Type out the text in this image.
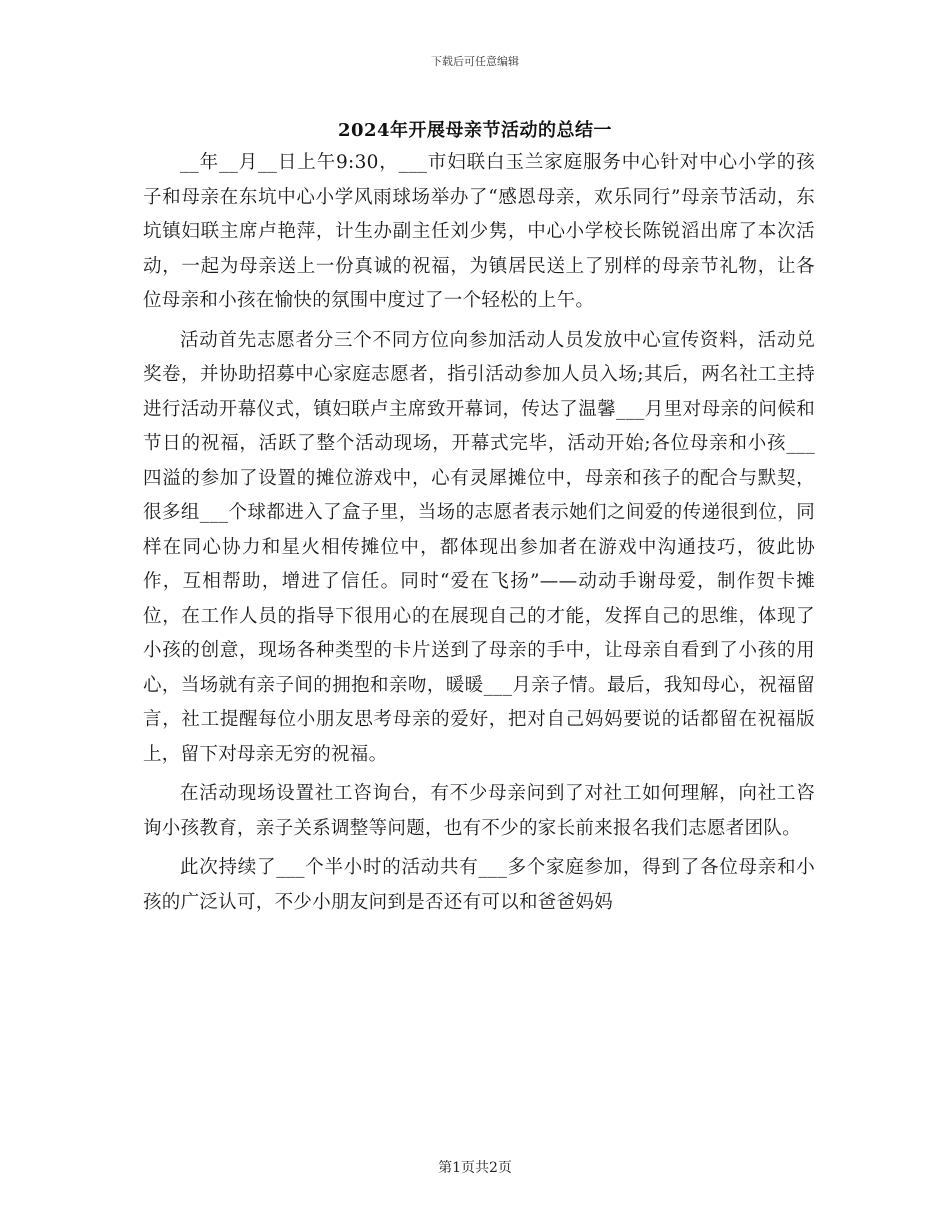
下载后可任意编辑
2024年开展母亲节活动的总结一

__年__月__日上午9:30，___市妇联白玉兰家庭服务中心针对中心小学的孩子和母亲在东坑中心小学风雨球场举办了“感恩母亲，欢乐同行”母亲节活动，东坑镇妇联主席卢艳萍，计生办副主任刘少隽，中心小学校长陈锐滔出席了本次活动，一起为母亲送上一份真诚的祝福，为镇居民送上了别样的母亲节礼物，让各位母亲和小孩在愉快的氛围中度过了一个轻松的上午。

活动首先志愿者分三个不同方位向参加活动人员发放中心宣传资料，活动兑奖卷，并协助招募中心家庭志愿者，指引活动参加人员入场;其后，两名社工主持进行活动开幕仪式，镇妇联卢主席致开幕词，传达了温馨___月里对母亲的问候和节日的祝福，活跃了整个活动现场，开幕式完毕，活动开始;各位母亲和小孩___四溢的参加了设置的摊位游戏中，心有灵犀摊位中，母亲和孩子的配合与默契，很多组___个球都进入了盒子里，当场的志愿者表示她们之间爱的传递很到位，同样在同心协力和星火相传摊位中，都体现出参加者在游戏中沟通技巧，彼此协作，互相帮助，增进了信任。同时“爱在飞扬”——动动手谢母爱，制作贺卡摊位，在工作人员的指导下很用心的在展现自己的才能，发挥自己的思维，体现了小孩的创意，现场各种类型的卡片送到了母亲的手中，让母亲自看到了小孩的用心，当场就有亲子间的拥抱和亲吻，暖暖___月亲子情。最后，我知母心，祝福留言，社工提醒每位小朋友思考母亲的爱好，把对自己妈妈要说的话都留在祝福版上，留下对母亲无穷的祝福。

在活动现场设置社工咨询台，有不少母亲问到了对社工如何理解，向社工咨询小孩教育，亲子关系调整等问题，也有不少的家长前来报名我们志愿者团队。

此次持续了___个半小时的活动共有___多个家庭参加，得到了各位母亲和小孩的广泛认可，不少小朋友问到是否还有可以和爸爸妈妈

第1页共2页
